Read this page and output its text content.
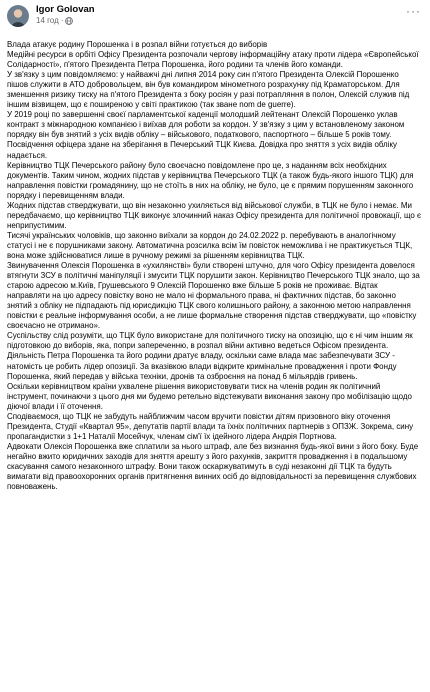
Igor Golovan
14 год ·
···

Влада атакує родину Порошенка і в розпал війни готується до виборів

Медійні ресурси в орбіті Офісу Президента розпочали чергову інформаційну атаку проти лідера «Європейської Солідарності», п'ятого Президента Петра Порошенка, його родини та членів його команди.

У зв'язку з цим повідомляємо: у найважчі дні липня 2014 року син п'ятого Президента Олексій Порошенко пішов служити в АТО добровольцем, він був командиром мінометного розрахунку під Краматорськом. Для зменшення ризику тиску на п'ятого Президента з боку росіян у разі потрапляння в полон, Олексій служив під іншим візвищем, що є поширеною у світі практикою (так зване nom de guerre).

У 2019 році по завершенні своєї парламентської каденції молодший лейтенант Олексій Порошенко уклав контракт з міжнародною компанією і виїхав для роботи за кордон. У зв'язку з цим у встановленому законом порядку він був знятий з усіх видів обліку – військового, податкового, паспортного – більше 5 років тому. Посвідчення офіцера здане на зберігання в Печерський ТЦК Києва. Довідка про зняття з усіх видів обліку надається.

Керівництво ТЦК Печерського району було своєчасно повідомлене про це, з наданням всіх необхідних документів. Таким чином, жодних підстав у керівництва Печерського ТЦК (а також будь-якого іншого ТЦК) для направлення повістки громадянину, що не стоїть в них на обліку, не було, це є прямим порушенням законного порядку і перевищенням влади.

Жодних підстав стверджувати, що він незаконно ухиляється від військової служби, в ТЦК не було і немає. Ми передбачаємо, що керівництво ТЦК виконує злочинний наказ Офісу президента для політичної провокації, що є неприпустимим.

Тисячі українських чоловіків, що законно виїхали за кордон до 24.02.2022 р. перебувають в аналогічному статусі і не є порушниками закону. Автоматична розсилка всім їм повісток неможлива і не практикується ТЦК, вона може здійснюватися лише в ручному режимі за рішенням керівництва ТЦК.

Звинувачення Олексія Порошенка в «ухилянстві» були створені штучно, для чого Офісу президента довелося втягнути ЗСУ в політичні маніпуляції і змусити ТЦК порушити закон. Керівництво Печерського ТЦК знало, що за старою адресою м.Київ, Грушевського 9 Олексій Порошенко вже більше 5 років не проживає. Відтак направляти на цю адресу повістку воно не мало ні формального права, ні фактичних підстав, бо законно знятий з обліку не підпадають під юрисдикцію ТЦК свого колишнього району, а законною метою направлення повістки є реальне інформування особи, а не лише формальне створення підстав стверджувати, що «повістку своєчасно не отримано».

Суспільству слід розуміти, що ТЦК було використане для політичного тиску на опозицію, що є ні чим іншим як підготовкою до виборів, яка, попри запереченню, в розпал війни активно ведеться Офісом президента.

Діяльність Петра Порошенка та його родини дратує владу, оскільки саме влада має забезпечувати ЗСУ - натомість це робить лідер опозиції. За вказівкою влади відкрите кримінальне провадження і проти Фонду Порошенка, який передав у війська техніки, дронів та озброєння на понад 6 мільярдів гривень.

Оскільки керівництвом країни ухвалене рішення використовувати тиск на членів родин як політичний інструмент, починаючи з цього дня ми будемо ретельно відстежувати виконання закону про мобілізацію щодо діючої влади і її оточення.

Сподіваємося, що ТЦК не забудуть найближчим часом вручити повістки дітям призовного віку оточення Президента, Студії «Квартал 95», депутатів партії влади та їхніх політичних партнерів з ОПЗЖ. Зокрема, сину пропагандистки з 1+1 Наталії Мосейчук, членам сім'ї їх ідейного лідера Андрія Портнова.

Адвокати Олексія Порошенка вже сплатили за нього штраф, але без визнання будь-якої вини з його боку. Буде негайно вжито юридичних заходів для зняття арешту з його рахунків, закриття провадження і в подальшому скасування самого незаконного штрафу. Вони також оскаржуватимуть в суді незаконні дії ТЦК та будуть вимагати від правоохоронних органів притягнення винних осіб до відповідальності за перевищення службових повноважень.
